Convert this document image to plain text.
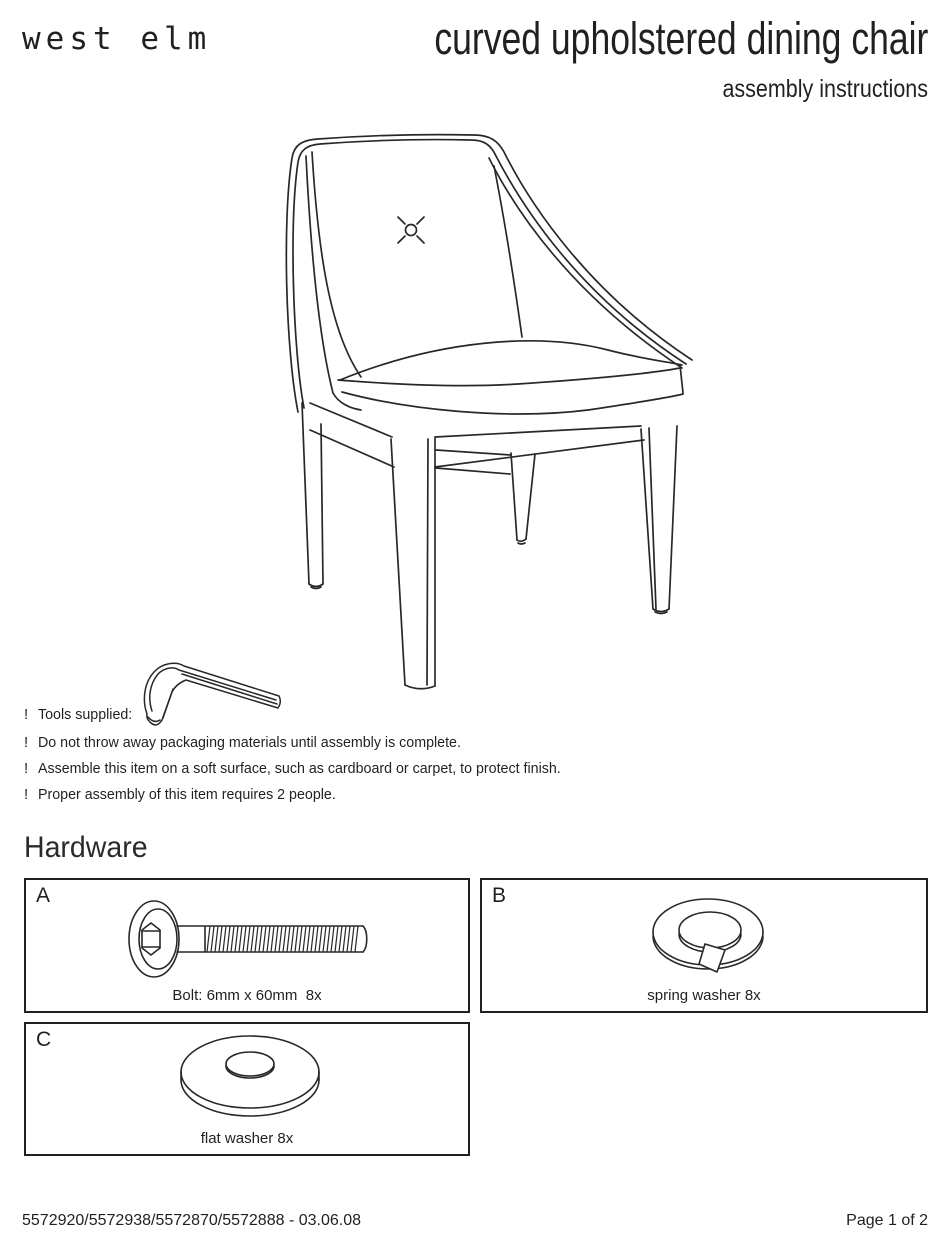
west elm	curved upholstered dining chair
assembly instructions
! Tools supplied:
! Do not throw away packaging materials until assembly is complete.
! Assemble this item on a soft surface, such as cardboard or carpet, to protect finish.
! Proper assembly of this item requires 2 people.
Hardware
A
Bolt: 6mm x 60mm  8x
B
spring washer 8x
C
flat washer 8x
5572920/5572938/5572870/5572888 - 03.06.08	Page 1 of 2
